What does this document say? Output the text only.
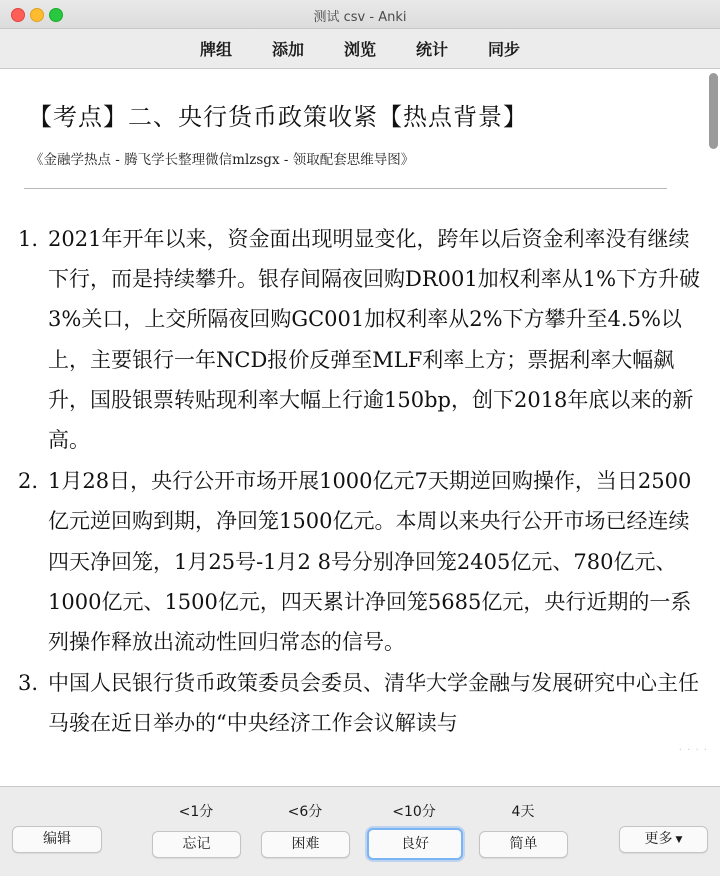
测试 csv - Anki
牌组	添加	浏览	统计	同步
【考点】二、央行货币政策收紧【热点背景】
《金融学热点 - 腾飞学长整理微信mlzsgx - 领取配套思维导图》
1. 2021年开年以来，资金面出现明显变化，跨年以后资金利率没有继续下行，而是持续攀升。银存间隔夜回购DR001加权利率从1%下方升破3%关口，上交所隔夜回购GC001加权利率从2%下方攀升至4.5%以上，主要银行一年NCD报价反弹至MLF利率上方；票据利率大幅飙升，国股银票转贴现利率大幅上行逾150bp，创下2018年底以来的新高。
2. 1月28日，央行公开市场开展1000亿元7天期逆回购操作，当日2500亿元逆回购到期，净回笼1500亿元。本周以来央行公开市场已经连续四天净回笼，1月25号-1月2 8号分别净回笼2405亿元、780亿元、1000亿元、1500亿元，四天累计净回笼5685亿元，央行近期的一系列操作释放出流动性回归常态的信号。
3. 中国人民银行货币政策委员会委员、清华大学金融与发展研究中心主任马骏在近日举办的“中央经济工作会议解读与
· · · ·
编辑
<1分	<6分	<10分	4天
忘记	困难	良好	简单	更多 ▼
